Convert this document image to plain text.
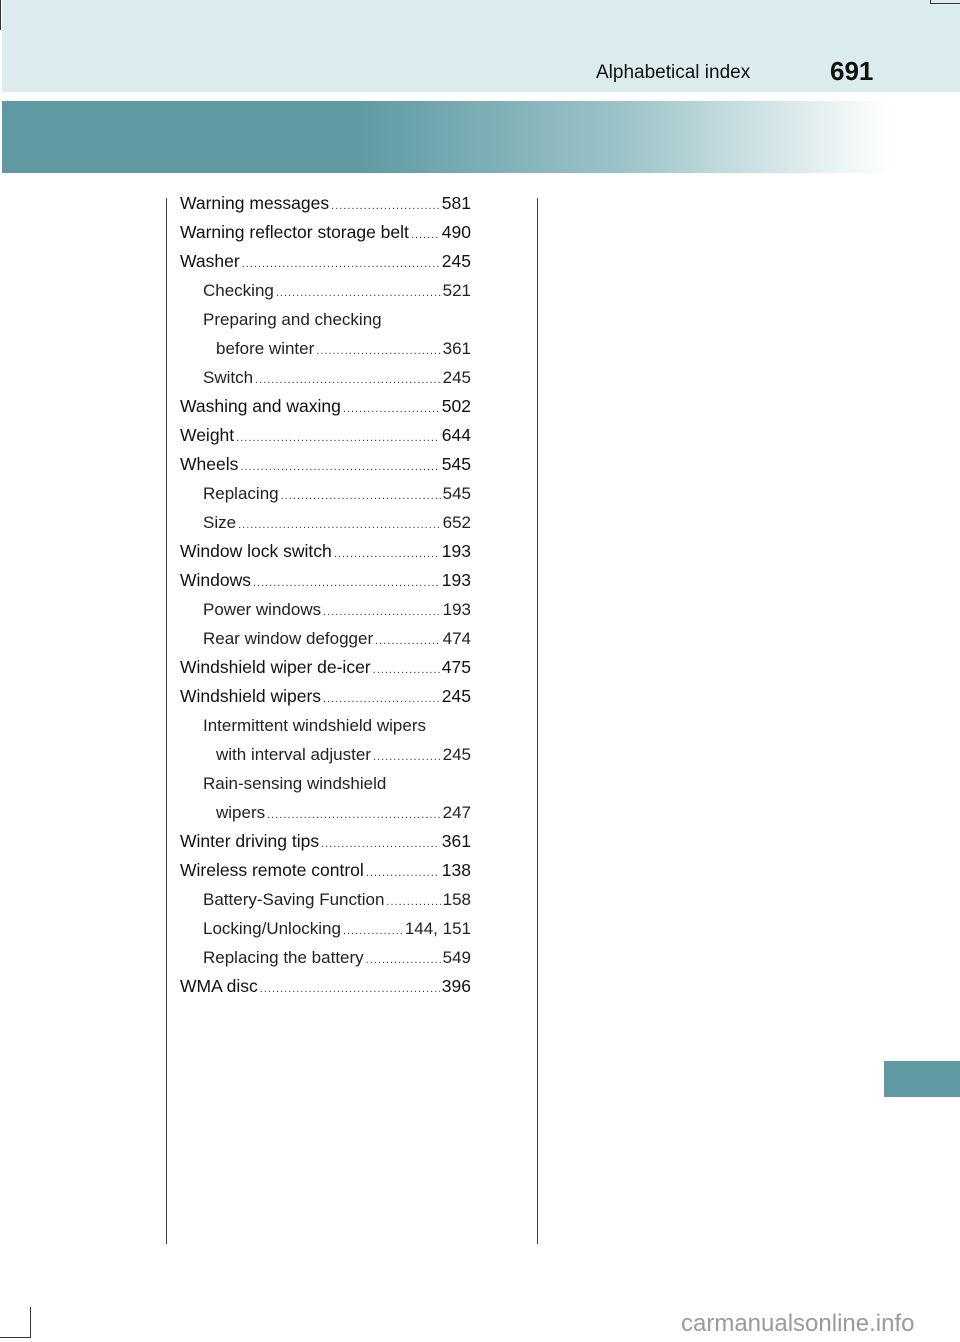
Alphabetical index	691
Warning messages .....	581
Warning reflector storage belt ..... 490
Washer .....	245
Checking .....	521
Preparing and checking
before winter .....	361
Switch .....	245
Washing and waxing .....	502
Weight .....	644
Wheels .....	545
Replacing .....	545
Size .....	652
Window lock switch .....	193
Windows .....	193
Power windows .....	193
Rear window defogger .....	474
Windshield wiper de-icer .....	475
Windshield wipers .....	245
Intermittent windshield wipers
with interval adjuster .....	245
Rain-sensing windshield
wipers .....	247
Winter driving tips .....	361
Wireless remote control .....	138
Battery-Saving Function .....	158
Locking/Unlocking .....	144, 151
Replacing the battery .....	549
WMA disc .....	396
carmanualsonline.info
